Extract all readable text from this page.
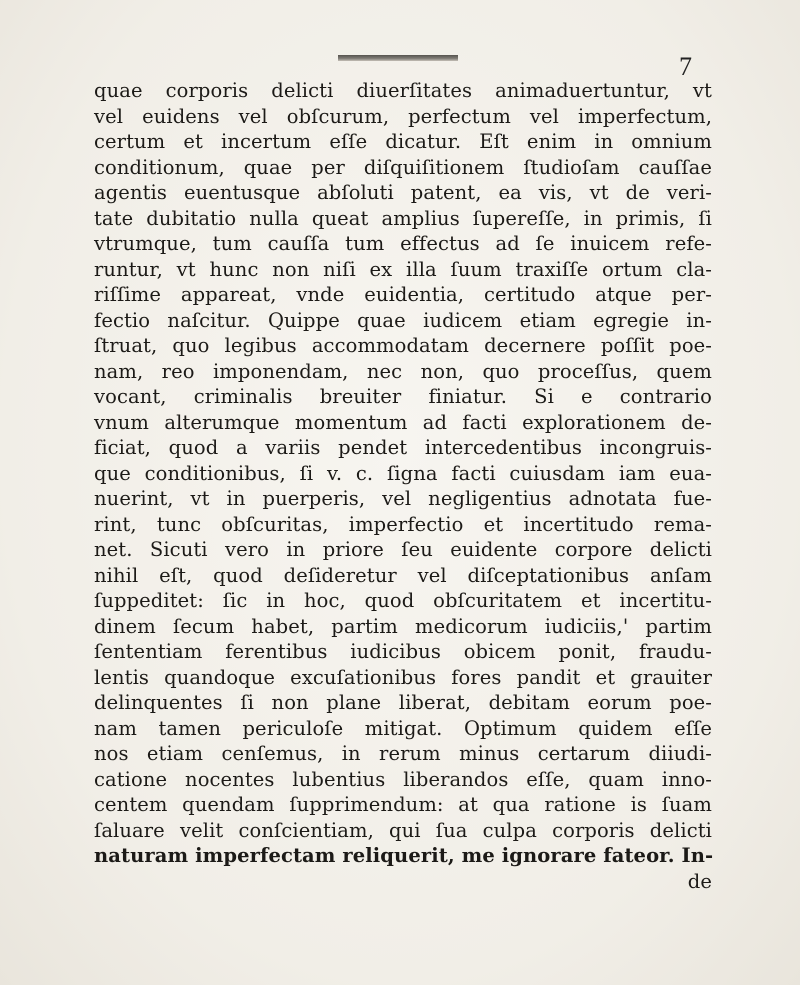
7
quae corporis delicti diuerſitates animaduertuntur, vt
vel euidens vel obſcurum, perfectum vel imperfectum,
certum et incertum eſſe dicatur. Eſt enim in omnium
conditionum, quae per diſquiſitionem ſtudioſam cauſſae
agentis euentusque abſoluti patent, ea vis, vt de veri-
tate dubitatio nulla queat amplius ſupereſſe, in primis, ſi
vtrumque, tum cauſſa tum effectus ad ſe inuicem refe-
runtur, vt hunc non niſi ex illa ſuum traxiſſe ortum cla-
riſſime appareat, vnde euidentia, certitudo atque per-
fectio naſcitur. Quippe quae iudicem etiam egregie in-
ſtruat, quo legibus accommodatam decernere poſſit poe-
nam, reo imponendam, nec non, quo proceſſus, quem
vocant, criminalis breuiter finiatur. Si e contrario
vnum alterumque momentum ad facti explorationem de-
ficiat, quod a variis pendet intercedentibus incongruis-
que conditionibus, ſi v. c. ſigna facti cuiusdam iam eua-
nuerint, vt in puerperis, vel negligentius adnotata fue-
rint, tunc obſcuritas, imperfectio et incertitudo rema-
net. Sicuti vero in priore ſeu euidente corpore delicti
nihil eſt, quod deſideretur vel diſceptationibus anſam
ſuppeditet: ſic in hoc, quod obſcuritatem et incertitu-
dinem ſecum habet, partim medicorum iudiciis,' partim
ſententiam ferentibus iudicibus obicem ponit, fraudu-
lentis quandoque excuſationibus fores pandit et grauiter
delinquentes ſi non plane liberat, debitam eorum poe-
nam tamen periculoſe mitigat. Optimum quidem eſſe
nos etiam cenſemus, in rerum minus certarum diiudi-
catione nocentes lubentius liberandos eſſe, quam inno-
centem quendam ſupprimendum: at qua ratione is ſuam
ſaluare velit conſcientiam, qui ſua culpa corporis delicti
naturam imperfectam reliquerit, me ignorare fateor. In-
de
